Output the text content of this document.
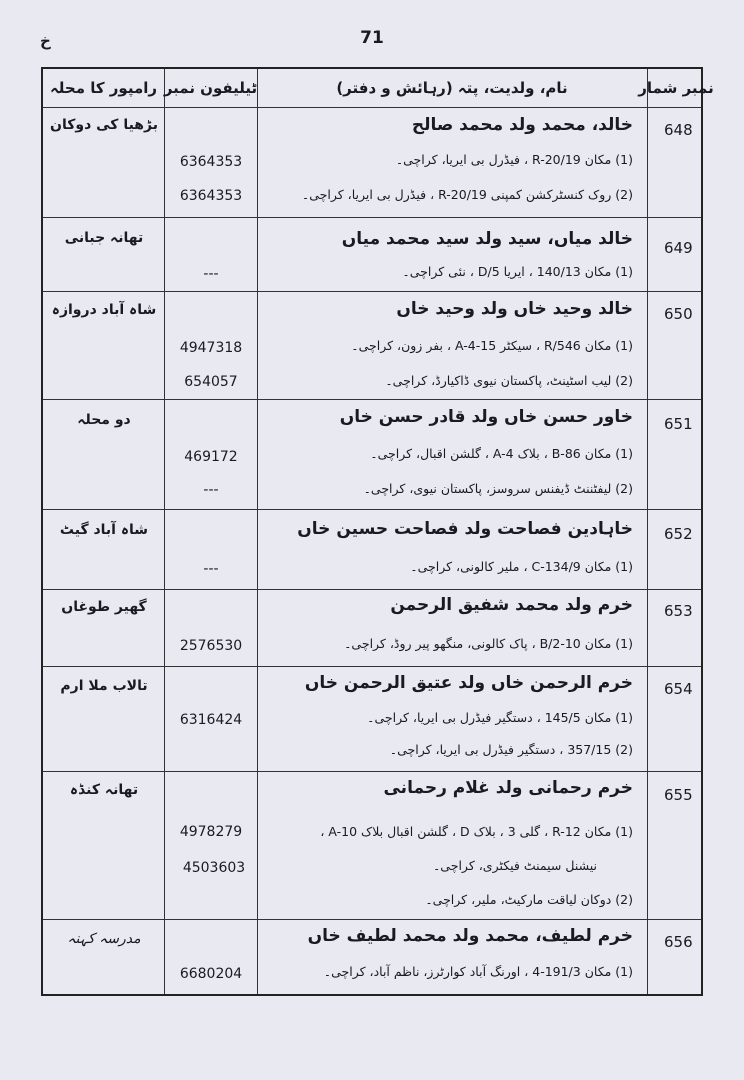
71
خ
رامپور کا محلہ ٹیلیفون نمبر	نام، ولدیت، پتہ (رہائش و دفتر)	نمبر شمار
648
خالد، محمد ولد محمد صالح
بڑھیا کی دوکان
(1) مکان R-20/19 ، فیڈرل بی ایریا، کراچی۔
(2) روک کنسٹرکشن کمپنی R-20/19 ، فیڈرل بی ایریا، کراچی۔
6364353
6364353
649
خالد میاں، سید ولد سید محمد میاں
تھانہ جبانی
(1) مکان 140/13 ، ایریا 5/D ، نئی کراچی۔
---
650
خالد وحید خاں ولد وحید خاں
شاہ آباد دروازہ
(1) مکان R/546 ، سیکٹر 15-A-4 ، بفر زون، کراچی۔
(2) لیب اسٹینٹ، پاکستان نیوی ڈاکیارڈ، کراچی۔
4947318
654057
651
خاور حسن خاں ولد قادر حسن خاں
دو محلہ
(1) مکان B-86 ، بلاک A-4 ، گلشن اقبال، کراچی۔
(2) لیفٹننٹ ڈیفنس سروسز، پاکستان نیوی، کراچی۔
469172
---
652
خاہادین فصاحت ولد فصاحت حسین خاں
شاہ آباد گیٹ
(1) مکان C-134/9 ، ملیر کالونی، کراچی۔
---
653
خرم ولد محمد شفیق الرحمن
گھیر طوغاں
(1) مکان B/2-10 ، پاک کالونی، منگھو پیر روڈ، کراچی۔
2576530
654
خرم الرحمن خاں ولد عتیق الرحمن خاں
تالاب ملا ارم
(1) مکان 145/5 ، دستگیر فیڈرل بی ایریا، کراچی۔
(2) 357/15 ، دستگیر فیڈرل بی ایریا، کراچی۔
6316424
655
خرم رحمانی ولد غلام رحمانی
تھانہ کنڈہ
(1) مکان R-12 ، گلی 3 ، بلاک D ، گلشن اقبال بلاک A-10 ،
نیشنل سیمنٹ فیکٹری، کراچی۔
(2) دوکان لیاقت مارکیٹ، ملیر، کراچی۔
4978279
4503603
656
خرم لطیف، محمد ولد محمد لطیف خاں
مدرسہ کہنہ
(1) مکان 191/3-4 ، اورنگ آباد کوارٹرز، ناظم آباد، کراچی۔
6680204
